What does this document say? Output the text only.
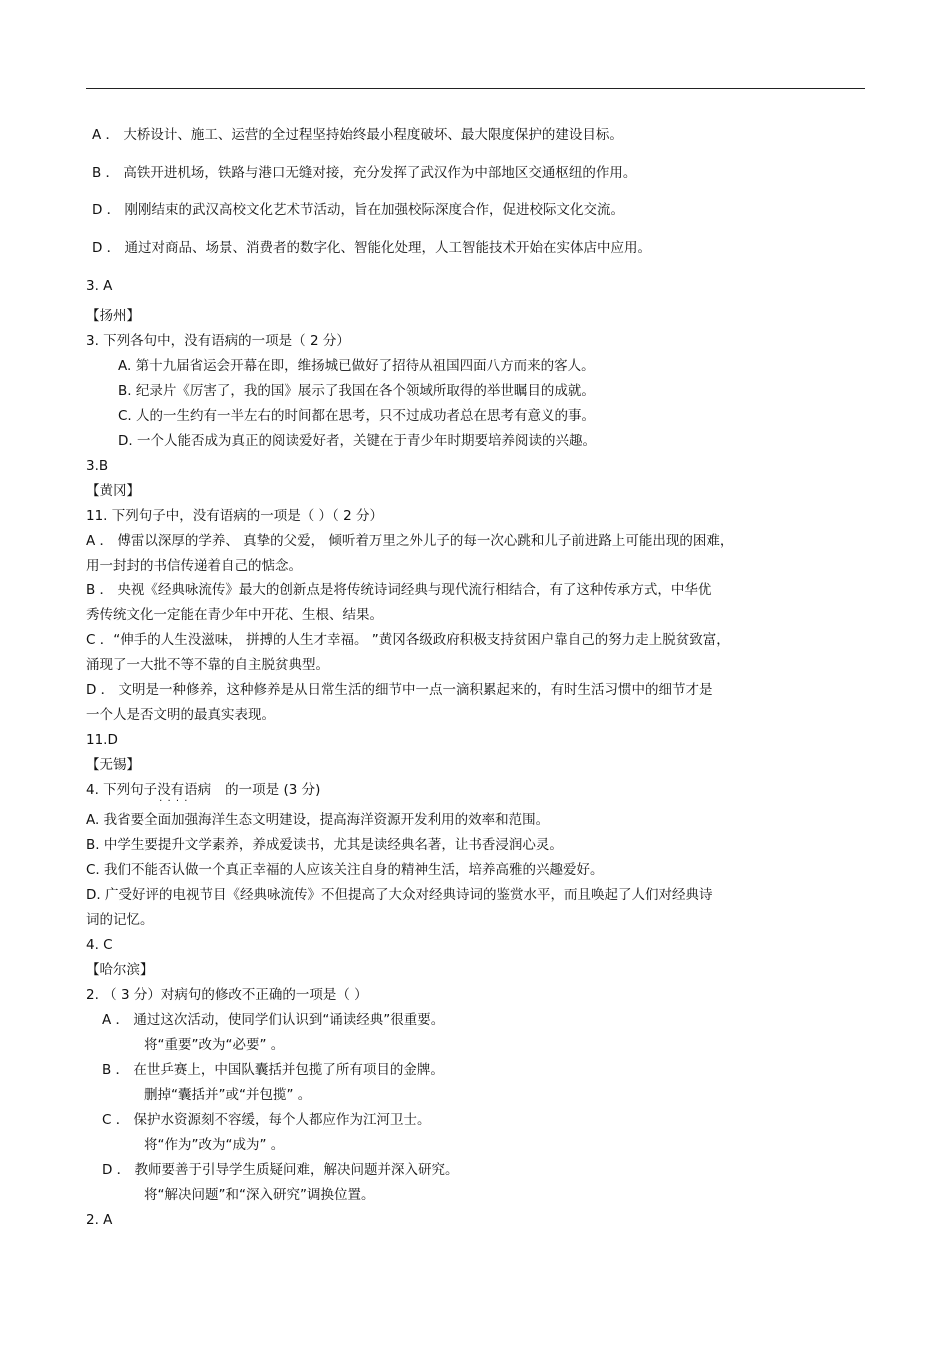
A ． 大桥设计、施工、运营的全过程坚持始终最小程度破坏、最大限度保护的建设目标。
B ． 高铁开进机场，铁路与港口无缝对接，充分发挥了武汉作为中部地区交通枢纽的作用。
D ． 刚刚结束的武汉高校文化艺术节活动，旨在加强校际深度合作，促进校际文化交流。
D ． 通过对商品、场景、消费者的数字化、智能化处理，人工智能技术开始在实体店中应用。
3. A
【扬州】
3. 下列各句中，没有语病的一项是（ 2 分）
A. 第十九届省运会开幕在即，维扬城已做好了招待从祖国四面八方而来的客人。
B. 纪录片《厉害了，我的国》展示了我国在各个领域所取得的举世瞩目的成就。
C. 人的一生约有一半左右的时间都在思考，只不过成功者总在思考有意义的事。
D. 一个人能否成为真正的阅读爱好者，关键在于青少年时期要培养阅读的兴趣。
3.B
【黄冈】
11. 下列句子中，没有语病的一项是（ ）（ 2 分）
A ． 傅雷以深厚的学养、 真挚的父爱， 倾听着万里之外儿子的每一次心跳和儿子前进路上可能出现的困难，
用一封封的书信传递着自己的惦念。
B ． 央视《经典咏流传》最大的创新点是将传统诗词经典与现代流行相结合，有了这种传承方式，中华优
秀传统文化一定能在青少年中开花、生根、结果。
C ．“伸手的人生没滋味， 拼搏的人生才幸福。 ”黄冈各级政府积极支持贫困户靠自己的努力走上脱贫致富，
涌现了一大批不等不靠的自主脱贫典型。
D ． 文明是一种修养，这种修养是从日常生活的细节中一点一滴积累起来的，有时生活习惯中的细节才是
一个人是否文明的最真实表现。
11.D
【无锡】
4. 下列句子没有语病 · · · · 的一项是 (3 分)
A. 我省要全面加强海洋生态文明建设，提高海洋资源开发利用的效率和范围。
B. 中学生要提升文学素养，养成爱读书，尤其是读经典名著，让书香浸润心灵。
C. 我们不能否认做一个真正幸福的人应该关注自身的精神生活，培养高雅的兴趣爱好。
D. 广受好评的电视节目《经典咏流传》不但提高了大众对经典诗词的鉴赏水平，而且唤起了人们对经典诗
词的记忆。
4. C
【哈尔滨】
2. （ 3 分）对病句的修改不正确的一项是（ ）
A ． 通过这次活动，使同学们认识到“诵读经典”很重要。
将“重要”改为“必要” 。
B ． 在世乒赛上，中国队囊括并包揽了所有项目的金牌。
删掉“囊括并”或“并包揽” 。
C ． 保护水资源刻不容缓，每个人都应作为江河卫士。
将“作为”改为“成为” 。
D ． 教师要善于引导学生质疑问难，解决问题并深入研究。
将“解决问题”和“深入研究”调换位置。
2. A
